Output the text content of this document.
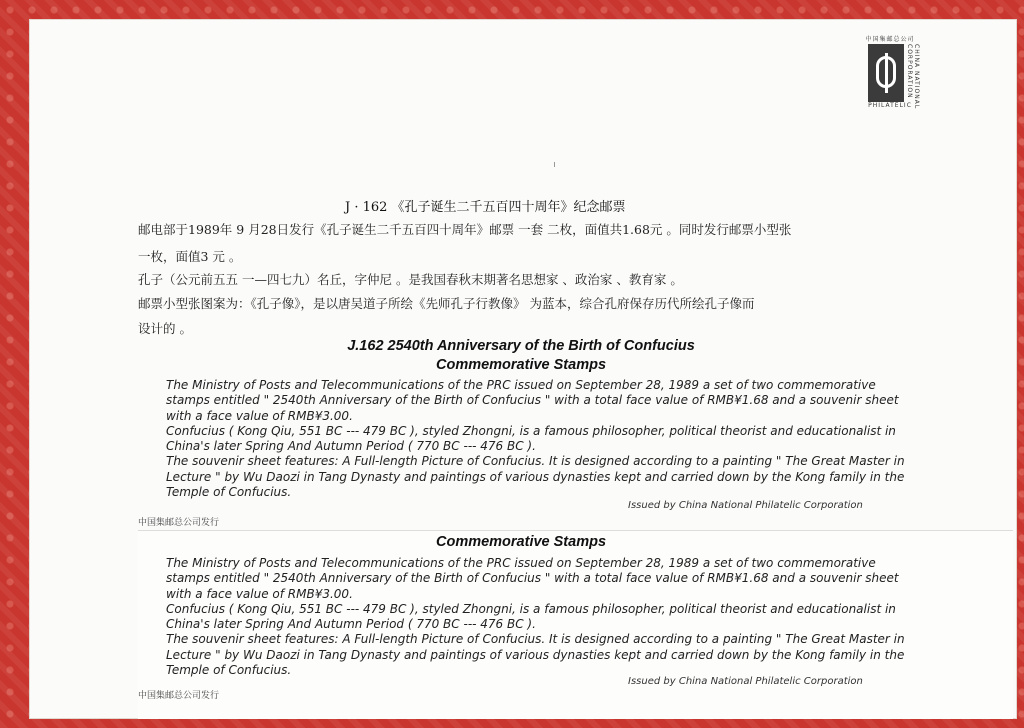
中国集邮总公司
CHINA NATIONAL CORPORATION
PHILATELIC
J · 162 《孔子诞生二千五百四十周年》纪念邮票
邮电部于1989年 9 月28日发行《孔子诞生二千五百四十周年》邮票 一套 二枚，面值共1.68元 。同时发行邮票小型张
一枚，面值3 元 。
孔子（公元前五五 一—四七九）名丘，字仲尼 。是我国春秋末期著名思想家 、政治家 、教育家 。
邮票小型张图案为：《孔子像》，是以唐吴道子所绘《先师孔子行教像》 为蓝本，综合孔府保存历代所绘孔子像而
设计的 。
J.162 2540th Anniversary of the Birth of Confucius
Commemorative Stamps

The Ministry of Posts and Telecommunications of the PRC issued on September 28, 1989 a set of two commemorative stamps entitled " 2540th Anniversary of the Birth of Confucius " with a total face value of RMB¥1.68 and a souvenir sheet with a face value of RMB¥3.00.

Confucius ( Kong Qiu, 551 BC --- 479 BC ), styled Zhongni, is a famous philosopher, political theorist and educationalist in China's later Spring And Autumn Period ( 770 BC --- 476 BC ).

The souvenir sheet features: A Full-length Picture of Confucius. It is designed according to a painting " The Great Master in Lecture " by Wu Daozi in Tang Dynasty and paintings of various dynasties kept and carried down by the Kong family in the Temple of Confucius.

Issued by China National Philatelic Corporation
中国集邮总公司发行
Commemorative Stamps

The Ministry of Posts and Telecommunications of the PRC issued on September 28, 1989 a set of two commemorative stamps entitled " 2540th Anniversary of the Birth of Confucius " with a total face value of RMB¥1.68 and a souvenir sheet with a face value of RMB¥3.00.

Confucius ( Kong Qiu, 551 BC --- 479 BC ), styled Zhongni, is a famous philosopher, political theorist and educationalist in China's later Spring And Autumn Period ( 770 BC --- 476 BC ).

The souvenir sheet features: A Full-length Picture of Confucius. It is designed according to a painting " The Great Master in Lecture " by Wu Daozi in Tang Dynasty and paintings of various dynasties kept and carried down by the Kong family in the Temple of Confucius.

Issued by China National Philatelic Corporation
中国集邮总公司发行
